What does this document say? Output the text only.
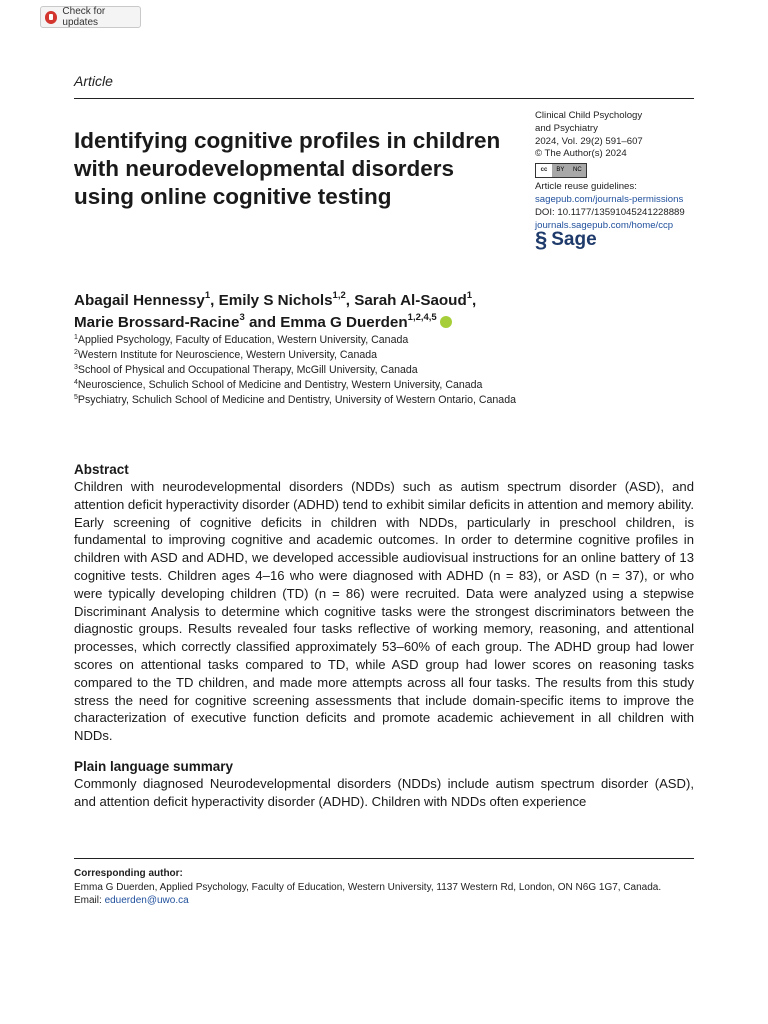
Check for updates
Article
Identifying cognitive profiles in children with neurodevelopmental disorders using online cognitive testing
Clinical Child Psychology
and Psychiatry
2024, Vol. 29(2) 591–607
© The Author(s) 2024
cc	BY NC
Article reuse guidelines:
sagepub.com/journals-permissions
DOI: 10.1177/13591045241228889
journals.sagepub.com/home/ccp
§ Sage
Abagail Hennessy$^1$, Emily S Nichols$^{1,2}$, Sarah Al-Saoud$^1$,
Marie Brossard-Racine$^3$ and Emma G Duerden$^{1,2,4,5}$
$^1$Applied Psychology, Faculty of Education, Western University, Canada
$^2$Western Institute for Neuroscience, Western University, Canada
$^3$School of Physical and Occupational Therapy, McGill University, Canada
$^4$Neuroscience, Schulich School of Medicine and Dentistry, Western University, Canada
$^5$Psychiatry, Schulich School of Medicine and Dentistry, University of Western Ontario, Canada
Abstract

Children with neurodevelopmental disorders (NDDs) such as autism spectrum disorder (ASD), and attention deficit hyperactivity disorder (ADHD) tend to exhibit similar deficits in attention and memory ability. Early screening of cognitive deficits in children with NDDs, particularly in preschool children, is fundamental to improving cognitive and academic outcomes. In order to determine cognitive profiles in children with ASD and ADHD, we developed accessible audiovisual instructions for an online battery of 13 cognitive tests. Children ages 4–16 who were diagnosed with ADHD (n = 83), or ASD (n = 37), or who were typically developing children (TD) (n = 86) were recruited. Data were analyzed using a stepwise Discriminant Analysis to determine which cognitive tasks were the strongest discriminators between the diagnostic groups. Results revealed four tasks reflective of working memory, reasoning, and attentional processes, which correctly classified approximately 53–60% of each group. The ADHD group had lower scores on attentional tasks compared to TD, while ASD group had lower scores on reasoning tasks compared to the TD children, and made more attempts across all four tasks. The results from this study stress the need for cognitive screening assessments that include domain-specific items to improve the characterization of executive function deficits and promote academic achievement in all children with NDDs.

Plain language summary

Commonly diagnosed Neurodevelopmental disorders (NDDs) include autism spectrum disorder (ASD), and attention deficit hyperactivity disorder (ADHD). Children with NDDs often experience

Corresponding author:
Emma G Duerden, Applied Psychology, Faculty of Education, Western University, 1137 Western Rd, London, ON N6G 1G7, Canada.
Email: eduerden@uwo.ca
